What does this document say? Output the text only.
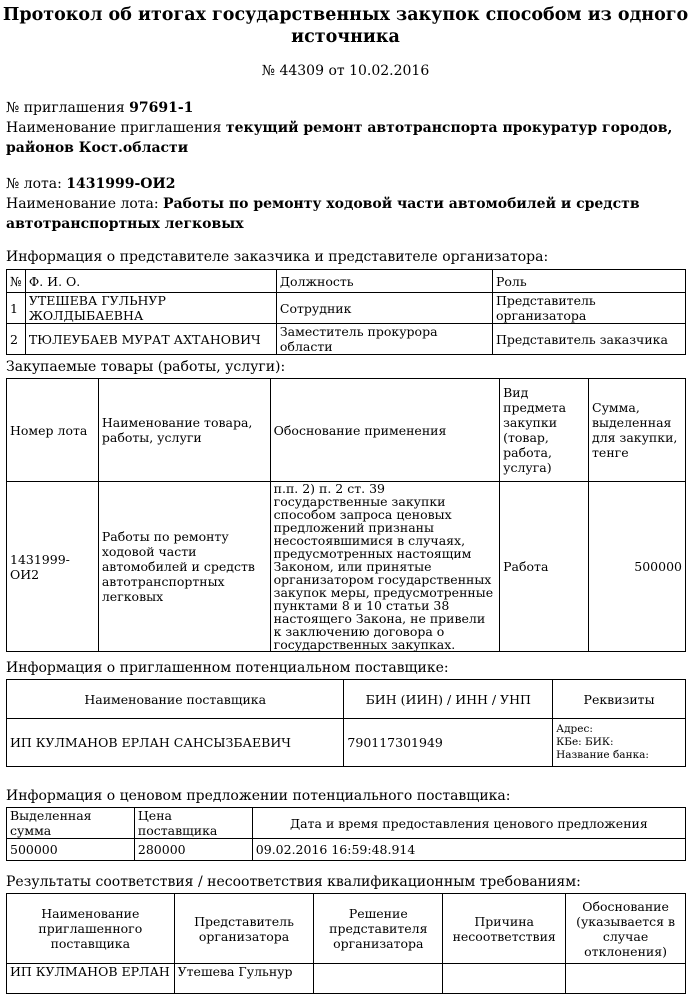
Протокол об итогах государственных закупок способом из одного источника
№ 44309 от 10.02.2016
№ приглашения 97691-1
Наименование приглашения текущий ремонт автотранспорта прокуратур городов, районов Кост.области
№ лота: 1431999-ОИ2
Наименование лота: Работы по ремонту ходовой части автомобилей и средств автотранспортных легковых
Информация о представителе заказчика и представителе организатора:
№	Ф. И. О.	Должность	Роль
1	УТЕШЕВА ГУЛЬНУР ЖОЛДЫБАЕВНА	Сотрудник	Представитель организатора
2	ТЮЛЕУБАЕВ МУРАТ АХТАНОВИЧ	Заместитель прокурора области	Представитель заказчика
Закупаемые товары (работы, услуги):
Номер лота	Наименование товара, работы, услуги	Обоснование применения	Вид предмета закупки (товар, работа, услуга)	Сумма, выделенная для закупки, тенге
1431999-ОИ2	Работы по ремонту ходовой части автомобилей и средств автотранспортных легковых	п.п. 2) п. 2 ст. 39 государственные закупки способом запроса ценовых предложений признаны несостоявшимися в случаях, предусмотренных настоящим Законом, или принятые организатором государственных закупок меры, предусмотренные пунктами 8 и 10 статьи 38 настоящего Закона, не привели к заключению договора о государственных закупках.	Работа	500000
Информация о приглашенном потенциальном поставщике:
Наименование поставщика	БИН (ИИН) / ИНН / УНП	Реквизиты
ИП КУЛМАНОВ ЕРЛАН САНСЫЗБАЕВИЧ	790117301949	Адрес:
КБе: БИК:
Название банка:
Информация о ценовом предложении потенциального поставщика:
Выделенная сумма	Цена поставщика	Дата и время предоставления ценового предложения
500000	280000	09.02.2016 16:59:48.914
Результаты соответствия / несоответствия квалификационным требованиям:
Наименование приглашенного поставщика	Представитель организатора	Решение представителя организатора	Причина несоответствия	Обоснование (указывается в случае отклонения)
ИП КУЛМАНОВ ЕРЛАН	Утешева Гульнур			
